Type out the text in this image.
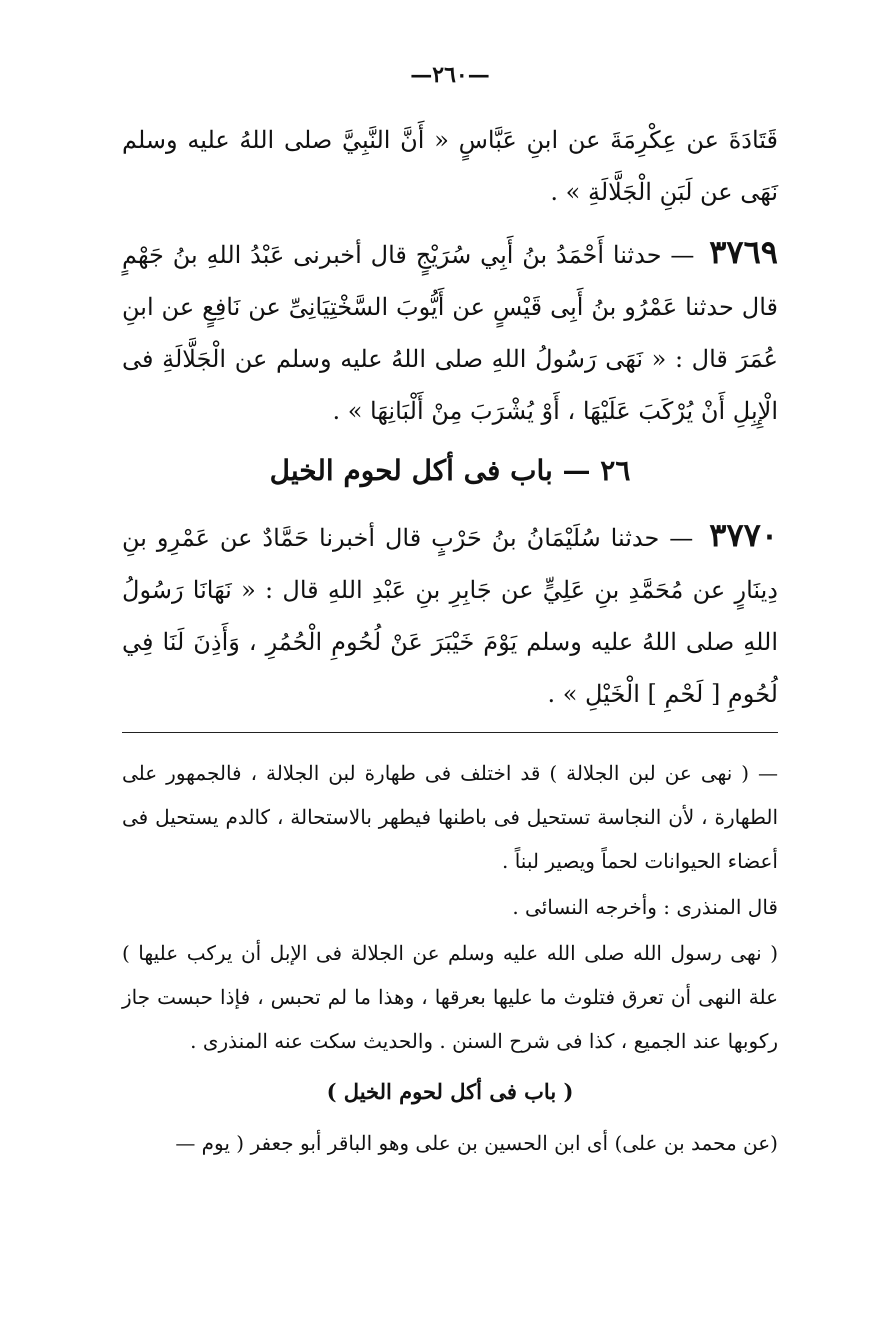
—٢٦٠—

قَتَادَةَ عن عِكْرِمَةَ عن ابنِ عَبَّاسٍ « أَنَّ النَّبِيَّ صلى اللهُ عليه وسلم نَهَى عن لَبَنِ الْجَلَّالَةِ » .

٣٧٦٩ — حدثنا أَحْمَدُ بنُ أَبِي سُرَيْجٍ قال أخبرنى عَبْدُ اللهِ بنُ جَهْمٍ قال حدثنا عَمْرُو بنُ أَبِى قَيْسٍ عن أَيُّوبَ السَّخْتِيَانِىِّ عن نَافِعٍ عن ابنِ عُمَرَ قال : « نَهَى رَسُولُ اللهِ صلى اللهُ عليه وسلم عن الْجَلَّالَةِ فى الْإِبِلِ أَنْ يُرْكَبَ عَلَيْهَا ، أَوْ يُشْرَبَ مِنْ أَلْبَانِهَا » .

٢٦ — باب فى أكل لحوم الخيل

٣٧٧٠ — حدثنا سُلَيْمَانُ بنُ حَرْبٍ قال أخبرنا حَمَّادٌ عن عَمْرِو بنِ دِينَارٍ عن مُحَمَّدِ بنِ عَلِيٍّ عن جَابِرِ بنِ عَبْدِ اللهِ قال : « نَهَانَا رَسُولُ اللهِ صلى اللهُ عليه وسلم يَوْمَ خَيْبَرَ عَنْ لُحُومِ الْحُمُرِ ، وَأَذِنَ لَنَا فِي لُحُومِ [ لَحْمِ ] الْخَيْلِ » .

— ( نهى عن لبن الجلالة ) قد اختلف فى طهارة لبن الجلالة ، فالجمهور على الطهارة ، لأن النجاسة تستحيل فى باطنها فيطهر بالاستحالة ، كالدم يستحيل فى أعضاء الحيوانات لحماً ويصير لبناً .

قال المنذرى : وأخرجه النسائى .

( نهى رسول الله صلى الله عليه وسلم عن الجلالة فى الإبل أن يركب عليها ) علة النهى أن تعرق فتلوث ما عليها بعرقها ، وهذا ما لم تحبس ، فإذا حبست جاز ركوبها عند الجميع ، كذا فى شرح السنن . والحديث سكت عنه المنذرى .

( باب فى أكل لحوم الخيل )

(عن محمد بن على) أى ابن الحسين بن على وهو الباقر أبو جعفر ( يوم —
